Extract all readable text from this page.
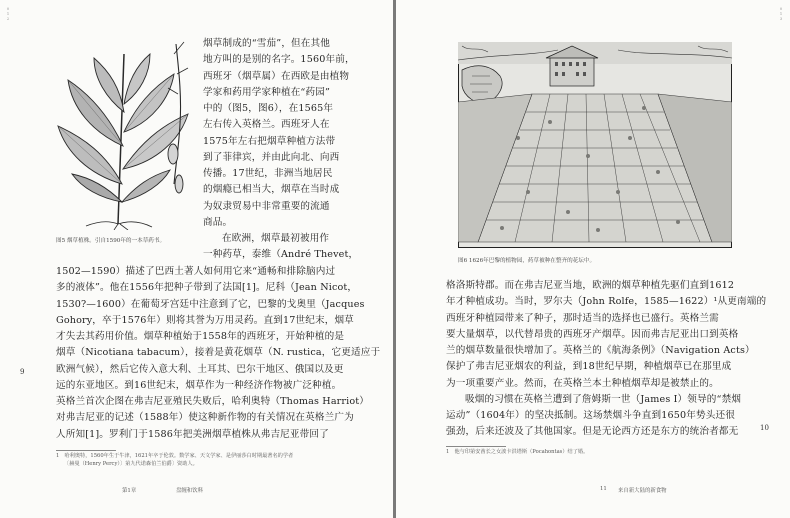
0
1
2
图5 烟草植株。引自1590年的一本草药书。
烟草制成的“雪茄”，但在其他
地方叫的是别的名字。1560年前，
西班牙（烟草属）在西欧是由植物
学家和药用学家种植在“药园”
中的（图5，图6），在1565年
左右传入英格兰。西班牙人在
1575年左右把烟草种植方法带
到了菲律宾，并由此向北、向西
传播。17世纪，非洲当地居民
的烟瘾已相当大，烟草在当时成
为奴隶贸易中非常重要的流通
商品。
在欧洲，烟草最初被用作
一种药草，泰维（André Thevet，
1502—1590）描述了巴西土著人如何用它来“通畅和排除脑内过
多的液体”。他在1556年把种子带到了法国[1]。尼科（Jean Nicot，
1530?—1600）在葡萄牙宫廷中注意到了它，巴黎的戈奥里（Jacques
Gohory，卒于1576年）则将其誉为万用灵药。直到17世纪末，烟草
才失去其药用价值。烟草种植始于1558年的西班牙，开始种植的是
烟草（Nicotiana tabacum），接着是黄花烟草（N. rustica，它更适应于
欧洲气候），然后它传入意大利、土耳其、巴尔干地区、俄国以及更
远的东亚地区。到16世纪末，烟草作为一种经济作物被广泛种植。
英格兰首次企图在弗吉尼亚殖民失败后，哈利奥特（Thomas Harriot）
对弗吉尼亚的记述（1588年）使这种新作物的有关情况在英格兰广为
人所知[1]。罗利门于1586年把美洲烟草植株从弗吉尼亚带回了
9
1　哈利奥特，1560年生于牛津，1621年卒于伦敦。数学家、天文学家、是伊丽莎白时期最著名的学者
〔赫曼（Henry Percy）〕第九代诺森伯兰伯爵〕资助人。
第1章	盘缠和饮料
0
1
3
图6 1626年巴黎的植物园，药草被种在整齐的花坛中。
格洛斯特郡。而在弗吉尼亚当地，欧洲的烟草种植先驱们直到1612
年才种植成功。当时，罗尔夫（John Rolfe，1585—1622）¹从更南端的
西班牙种植园带来了种子，那时适当的选择也已盛行。英格兰需
要大量烟草，以代替昂贵的西班牙产烟草。因而弗吉尼亚出口到英格
兰的烟草数量很快增加了。英格兰的《航海条例》（Navigation Acts）
保护了弗吉尼亚烟农的利益，到18世纪早期，种植烟草已在那里成
为一项重要产业。然而，在英格兰本土种植烟草却是被禁止的。
吸烟的习惯在英格兰遭到了詹姆斯一世（James I）领导的“禁烟
运动”（1604年）的坚决抵制。这场禁烟斗争直到1650年势头还很
强劲，后来还波及了其他国家。但是无论西方还是东方的统治者都无	10
1　他与印第安酋长之女波卡洪塔斯（Pocahontas）结了婚。
11 来自新大陆的新食物
